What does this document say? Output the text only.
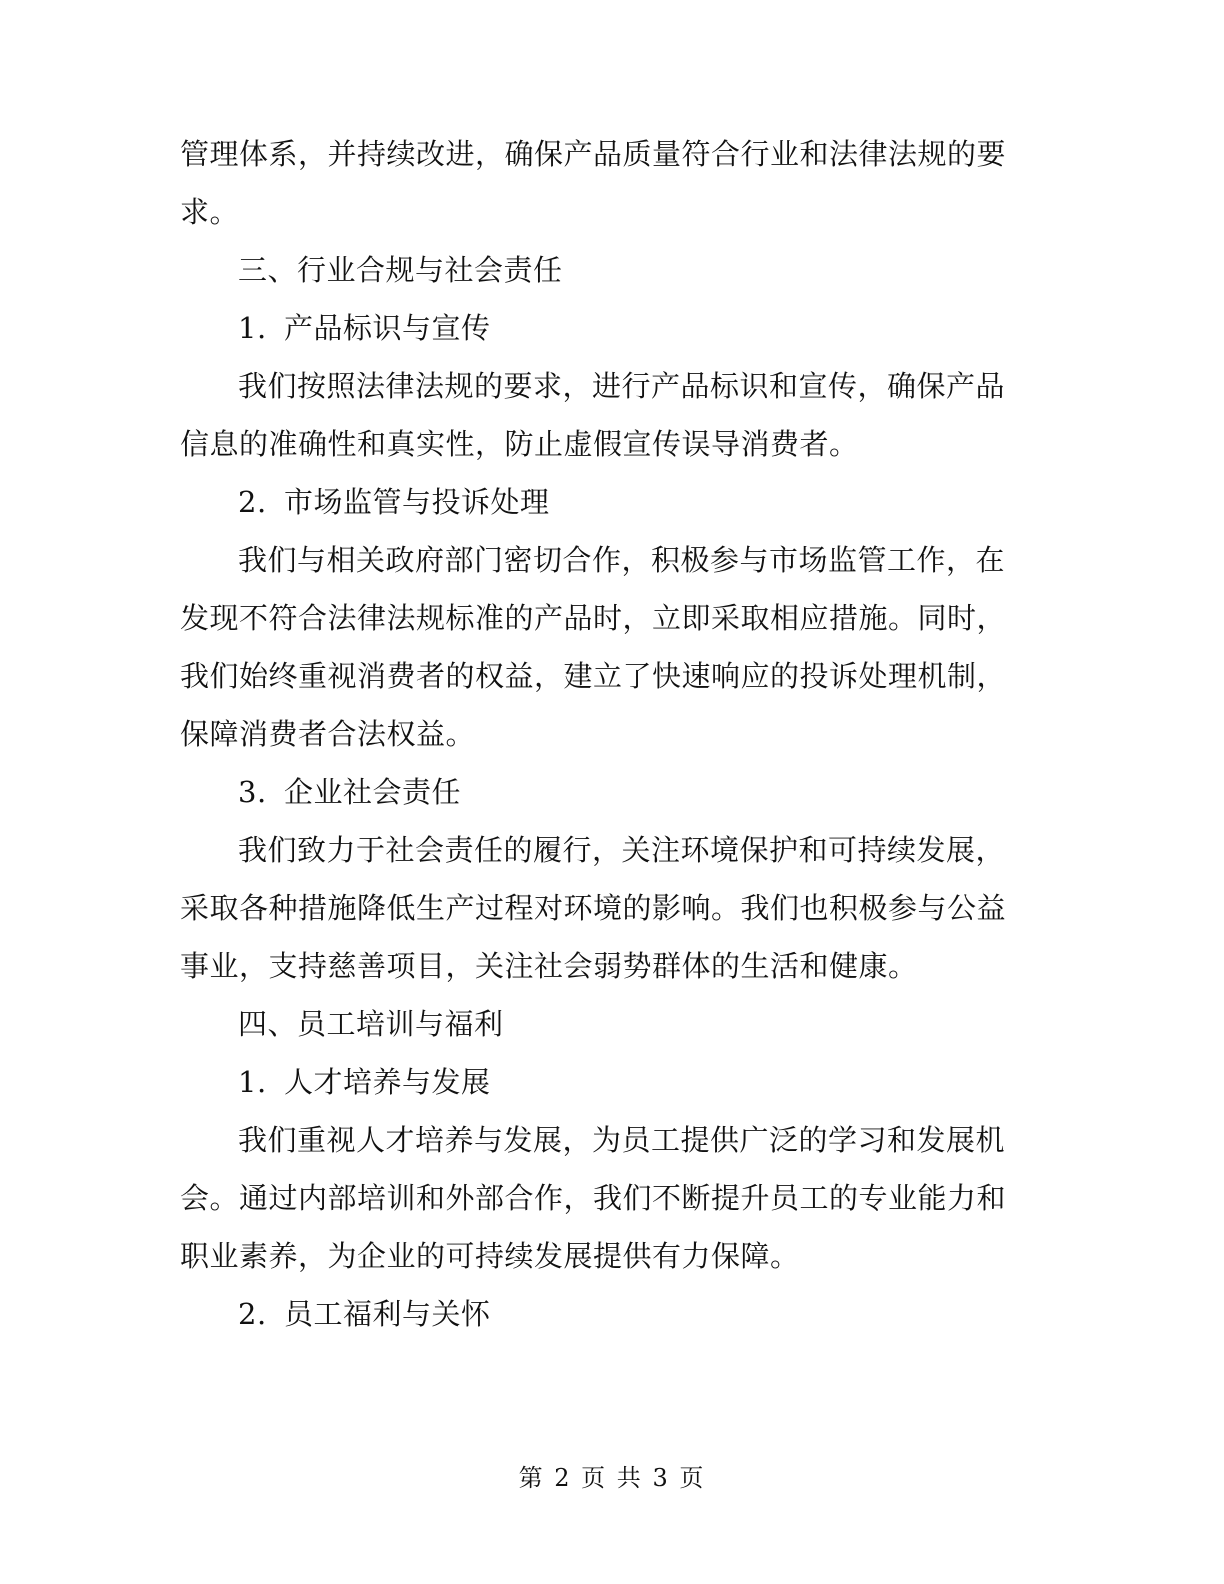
管理体系，并持续改进，确保产品质量符合行业和法律法规的要
求。
三、行业合规与社会责任
1. 产品标识与宣传
我们按照法律法规的要求，进行产品标识和宣传，确保产品
信息的准确性和真实性，防止虚假宣传误导消费者。
2. 市场监管与投诉处理
我们与相关政府部门密切合作，积极参与市场监管工作，在
发现不符合法律法规标准的产品时，立即采取相应措施。同时，
我们始终重视消费者的权益，建立了快速响应的投诉处理机制，
保障消费者合法权益。
3. 企业社会责任
我们致力于社会责任的履行，关注环境保护和可持续发展，
采取各种措施降低生产过程对环境的影响。我们也积极参与公益
事业，支持慈善项目，关注社会弱势群体的生活和健康。
四、员工培训与福利
1. 人才培养与发展
我们重视人才培养与发展，为员工提供广泛的学习和发展机
会。通过内部培训和外部合作，我们不断提升员工的专业能力和
职业素养，为企业的可持续发展提供有力保障。
2. 员工福利与关怀
第 2 页 共 3 页
